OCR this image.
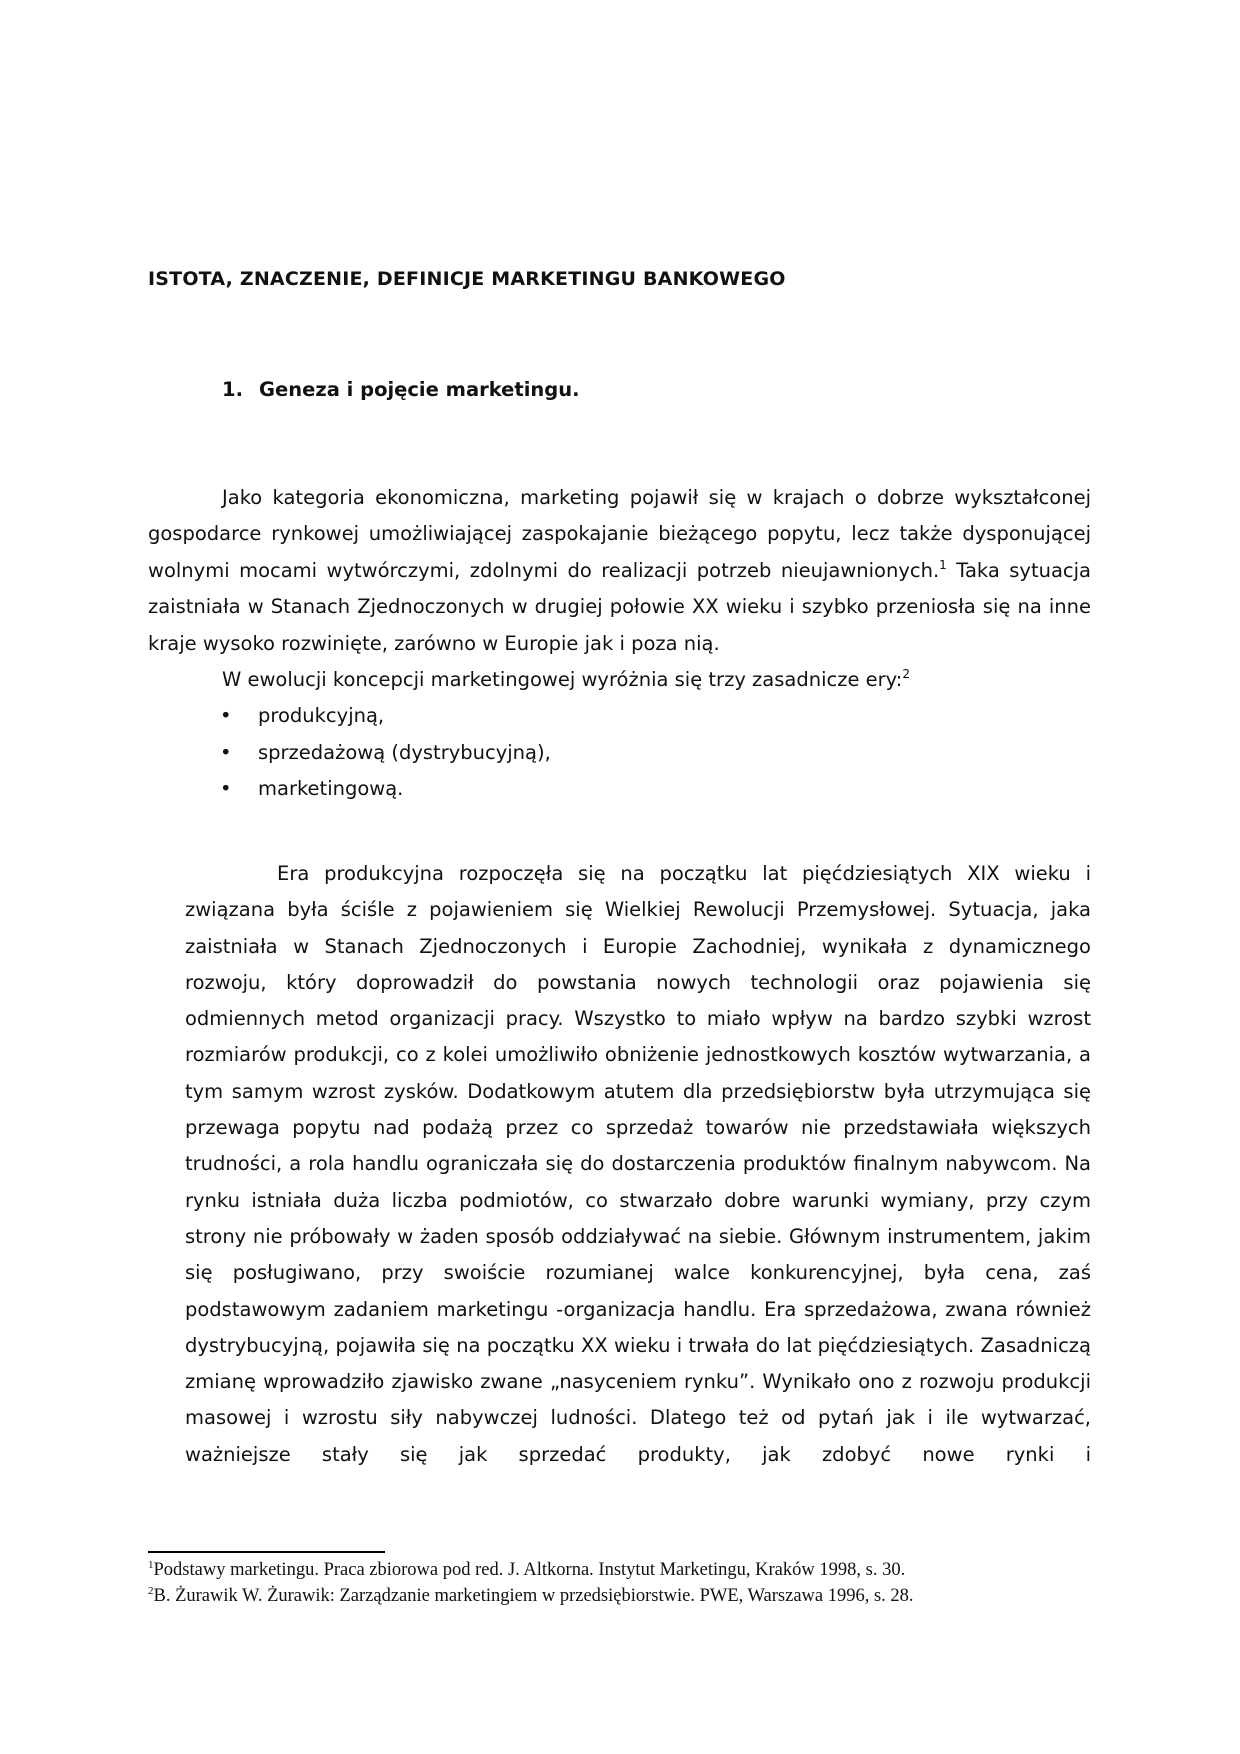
ISTOTA, ZNACZENIE, DEFINICJE MARKETINGU BANKOWEGO
1. Geneza i pojęcie marketingu.

Jako kategoria ekonomiczna, marketing pojawił się w krajach o dobrze wykształconej gospodarce rynkowej umożliwiającej zaspokajanie bieżącego popytu, lecz także dysponującej wolnymi mocami wytwórczymi, zdolnymi do realizacji potrzeb nieujawnionych.$^1$ Taka sytuacja zaistniała w Stanach Zjednoczonych w drugiej połowie XX wieku i szybko przeniosła się na inne kraje wysoko rozwinięte, zarówno w Europie jak i poza nią.

W ewolucji koncepcji marketingowej wyróżnia się trzy zasadnicze ery:$^2$

• produkcyjną,
• sprzedażową (dystrybucyjną),
• marketingową.
Era produkcyjna rozpoczęła się na początku lat pięćdziesiątych XIX wieku i związana była ściśle z pojawieniem się Wielkiej Rewolucji Przemysłowej. Sytuacja, jaka zaistniała w Stanach Zjednoczonych i Europie Zachodniej, wynikała z dynamicznego rozwoju, który doprowadził do powstania nowych technologii oraz pojawienia się odmiennych metod organizacji pracy. Wszystko to miało wpływ na bardzo szybki wzrost rozmiarów produkcji, co z kolei umożliwiło obniżenie jednostkowych kosztów wytwarzania, a tym samym wzrost zysków. Dodatkowym atutem dla przedsiębiorstw była utrzymująca się przewaga popytu nad podażą przez co sprzedaż towarów nie przedstawiała większych trudności, a rola handlu ograniczała się do dostarczenia produktów finalnym nabywcom. Na rynku istniała duża liczba podmiotów, co stwarzało dobre warunki wymiany, przy czym strony nie próbowały w żaden sposób oddziaływać na siebie. Głównym instrumentem, jakim się posługiwano, przy swoiście rozumianej walce konkurencyjnej, była cena, zaś podstawowym zadaniem marketingu -organizacja handlu. Era sprzedażowa, zwana również dystrybucyjną, pojawiła się na początku XX wieku i trwała do lat pięćdziesiątych. Zasadniczą zmianę wprowadziło zjawisko zwane „nasyceniem rynku”. Wynikało ono z rozwoju produkcji masowej i wzrostu siły nabywczej ludności. Dlatego też od pytań jak i ile wytwarzać, ważniejsze stały się jak sprzedać produkty, jak zdobyć nowe rynki i

$^1$Podstawy marketingu. Praca zbiorowa pod red. J. Altkorna. Instytut Marketingu, Kraków 1998, s. 30.

$^2$B. Żurawik W. Żurawik: Zarządzanie marketingiem w przedsiębiorstwie. PWE, Warszawa 1996, s. 28.
